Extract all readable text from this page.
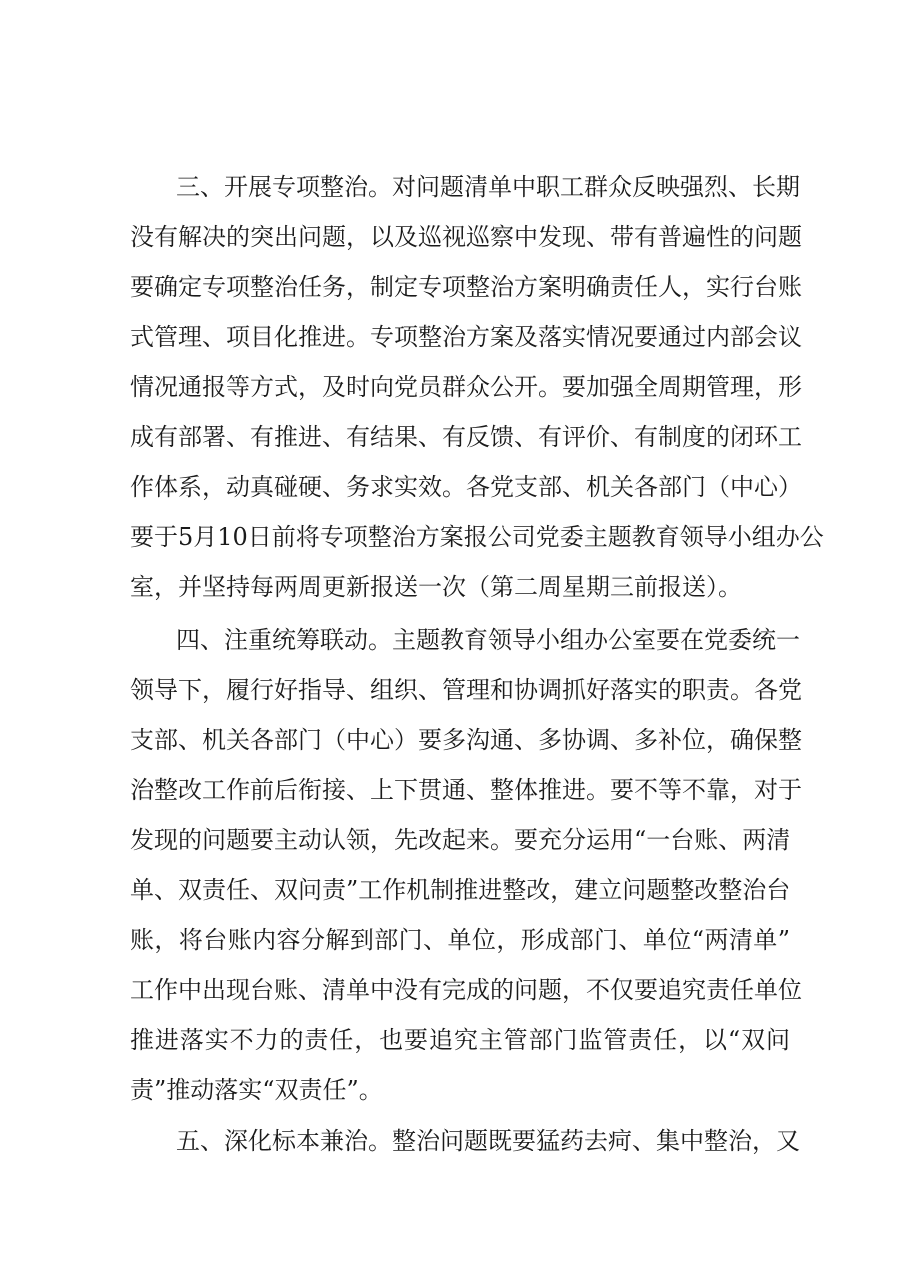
三、开展专项整治。对问题清单中职工群众反映强烈、长期
没有解决的突出问题，以及巡视巡察中发现、带有普遍性的问题
要确定专项整治任务，制定专项整治方案明确责任人，实行台账
式管理、项目化推进。专项整治方案及落实情况要通过内部会议
情况通报等方式，及时向党员群众公开。要加强全周期管理，形
成有部署、有推进、有结果、有反馈、有评价、有制度的闭环工
作体系，动真碰硬、务求实效。各党支部、机关各部门（中心）
要于5月10日前将专项整治方案报公司党委主题教育领导小组办公
室，并坚持每两周更新报送一次（第二周星期三前报送）。
四、注重统筹联动。主题教育领导小组办公室要在党委统一
领导下，履行好指导、组织、管理和协调抓好落实的职责。各党
支部、机关各部门（中心）要多沟通、多协调、多补位，确保整
治整改工作前后衔接、上下贯通、整体推进。要不等不靠，对于
发现的问题要主动认领，先改起来。要充分运用“一台账、两清
单、双责任、双问责”工作机制推进整改，建立问题整改整治台
账，将台账内容分解到部门、单位，形成部门、单位“两清单”
工作中出现台账、清单中没有完成的问题，不仅要追究责任单位
推进落实不力的责任，也要追究主管部门监管责任，以“双问
责”推动落实“双责任”。
五、深化标本兼治。整治问题既要猛药去疴、集中整治，又
